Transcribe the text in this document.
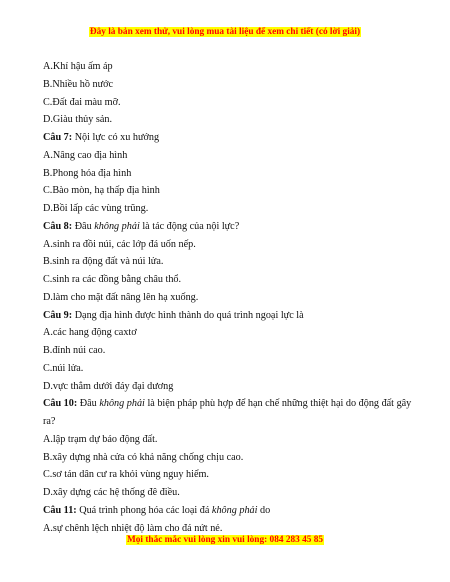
Đây là bản xem thử, vui lòng mua tài liệu để xem chi tiết (có lời giải)
A.Khí hậu ấm áp
B.Nhiều hồ nước
C.Đất đai màu mỡ.
D.Giàu thủy sản.
Câu 7: Nội lực có xu hướng
A.Nâng cao địa hình
B.Phong hóa địa hình
C.Bào mòn, hạ thấp địa hình
D.Bồi lấp các vùng trũng.
Câu 8: Đâu không phải là tác động của nội lực?
A.sinh ra đồi núi, các lớp đá uốn nếp.
B.sinh ra động đất và núi lửa.
C.sinh ra các đồng bằng châu thổ.
D.làm cho mặt đất nâng lên hạ xuống.
Câu 9: Dạng địa hình được hình thành do quá trình ngoại lực là
A.các hang động caxtơ
B.đỉnh núi cao.
C.núi lửa.
D.vực thẳm dưới đáy đại dương
Câu 10: Đâu không phải là biện pháp phù hợp để hạn chế những thiệt hại do động đất gây ra?
A.lập trạm dự báo động đất.
B.xây dựng nhà cửa có khả năng chống chịu cao.
C.sơ tán dân cư ra khỏi vùng nguy hiểm.
D.xây dựng các hệ thống đê điều.
Câu 11: Quá trình phong hóa các loại đá không phải do
A.sự chênh lệch nhiệt độ làm cho đá nứt nẻ.
Mọi thắc mắc vui lòng xin vui lòng: 084 283 45 85
